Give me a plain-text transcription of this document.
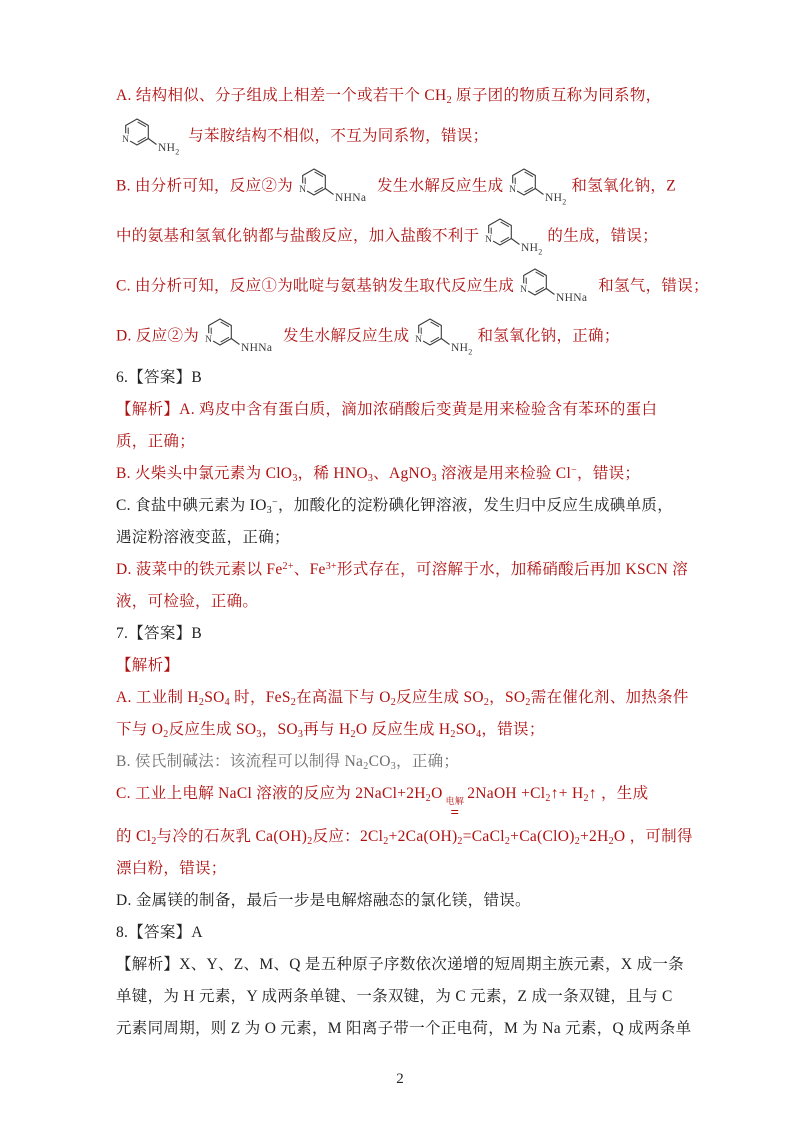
A. 结构相似、分子组成上相差一个或若干个 $CH_2$ 原子团的物质互称为同系物，
N
$NH_2$
与苯胺结构不相似，不互为同系物，错误；
B. 由分析可知，反应②为 N
NHNa
发生水解反应生成 N
$NH_2$
和氢氧化钠，Z
中的氨基和氢氧化钠都与盐酸反应，加入盐酸不利于 N
$NH_2$
的生成，错误；
C. 由分析可知，反应①为吡啶与氨基钠发生取代反应生成 N
NHNa
和氢气，错误；
D. 反应②为 N
NHNa
发生水解反应生成 N
$NH_2$
和氢氧化钠，正确；
6.【答案】B
【解析】A. 鸡皮中含有蛋白质，滴加浓硝酸后变黄是用来检验含有苯环的蛋白
质，正确；
B. 火柴头中氯元素为 ClO$_3$，稀 $HNO_3$、AgNO$_3$ 溶液是用来检验 Cl−，错误；
C. 食盐中碘元素为 $IO_3^-$，加酸化的淀粉碘化钾溶液，发生归中反应生成碘单质，
遇淀粉溶液变蓝，正确；
D. 菠菜中的铁元素以 $Fe^{2+}$、$Fe^{3+}$形式存在，可溶解于水，加稀硝酸后再加 KSCN 溶
液，可检验，正确。
7.【答案】B
【解析】
A. 工业制 $H_2SO_4$ 时，FeS$_2$在高温下与 $O_2$反应生成 $SO_2$，$SO_2$需在催化剂、加热条件
下与 $O_2$反应生成 $SO_3$，$SO_3$再与 $H_2O$ 反应生成 $H_2SO_4$，错误；
B. 侯氏制碱法：该流程可以制得 $Na_2CO_3$，正确；
C. 工业上电解 NaCl 溶液的反应为 $2NaCl+2H_2O$ 电解
=
2NaOH $+Cl_2↑+$ $H_2↑$ ，生成
的 $Cl_2$与冷的石灰乳 $Ca(OH)_2$反应：$2Cl_2+2Ca(OH)_2=CaCl_2+Ca(ClO)_2+2H_2O$ ，可制得
漂白粉，错误；
D. 金属镁的制备，最后一步是电解熔融态的氯化镁，错误。
8.【答案】A
【解析】X、Y、Z、M、Q 是五种原子序数依次递增的短周期主族元素，X 成一条
单键，为 H 元素，Y 成两条单键、一条双键，为 C 元素，Z 成一条双键，且与 C
元素同周期，则 Z 为 O 元素，M 阳离子带一个正电荷，M 为 Na 元素，Q 成两条单
2
